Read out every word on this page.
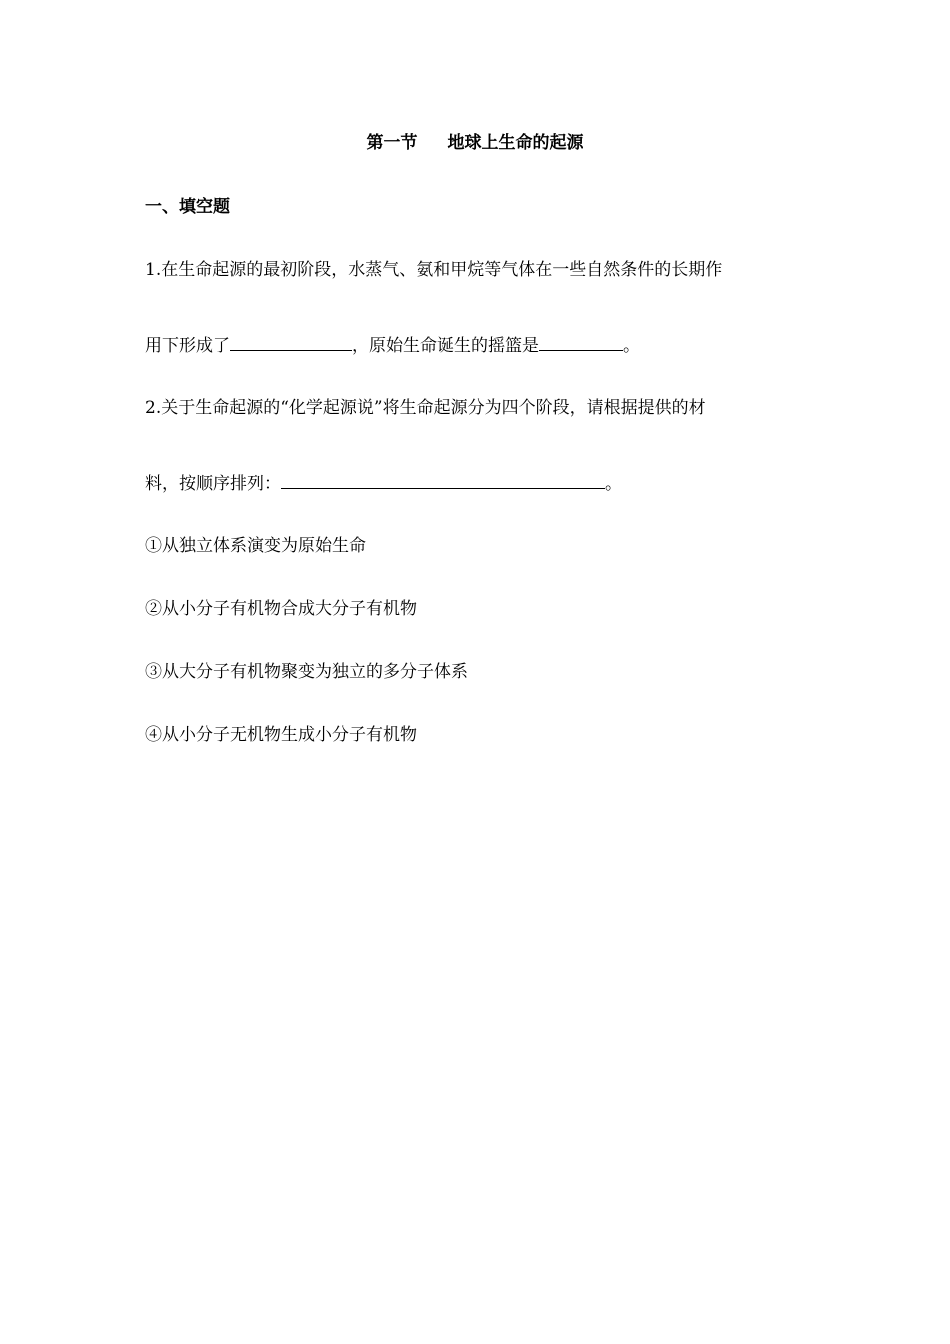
第一节 地球上生命的起源
一、填空题
1.在生命起源的最初阶段，水蒸气、氨和甲烷等气体在一些自然条件的长期作
用下形成了	，原始生命诞生的摇篮是	。
2.关于生命起源的“化学起源说”将生命起源分为四个阶段，请根据提供的材
料，按顺序排列：	。
①从独立体系演变为原始生命
②从小分子有机物合成大分子有机物
③从大分子有机物聚变为独立的多分子体系
④从小分子无机物生成小分子有机物
